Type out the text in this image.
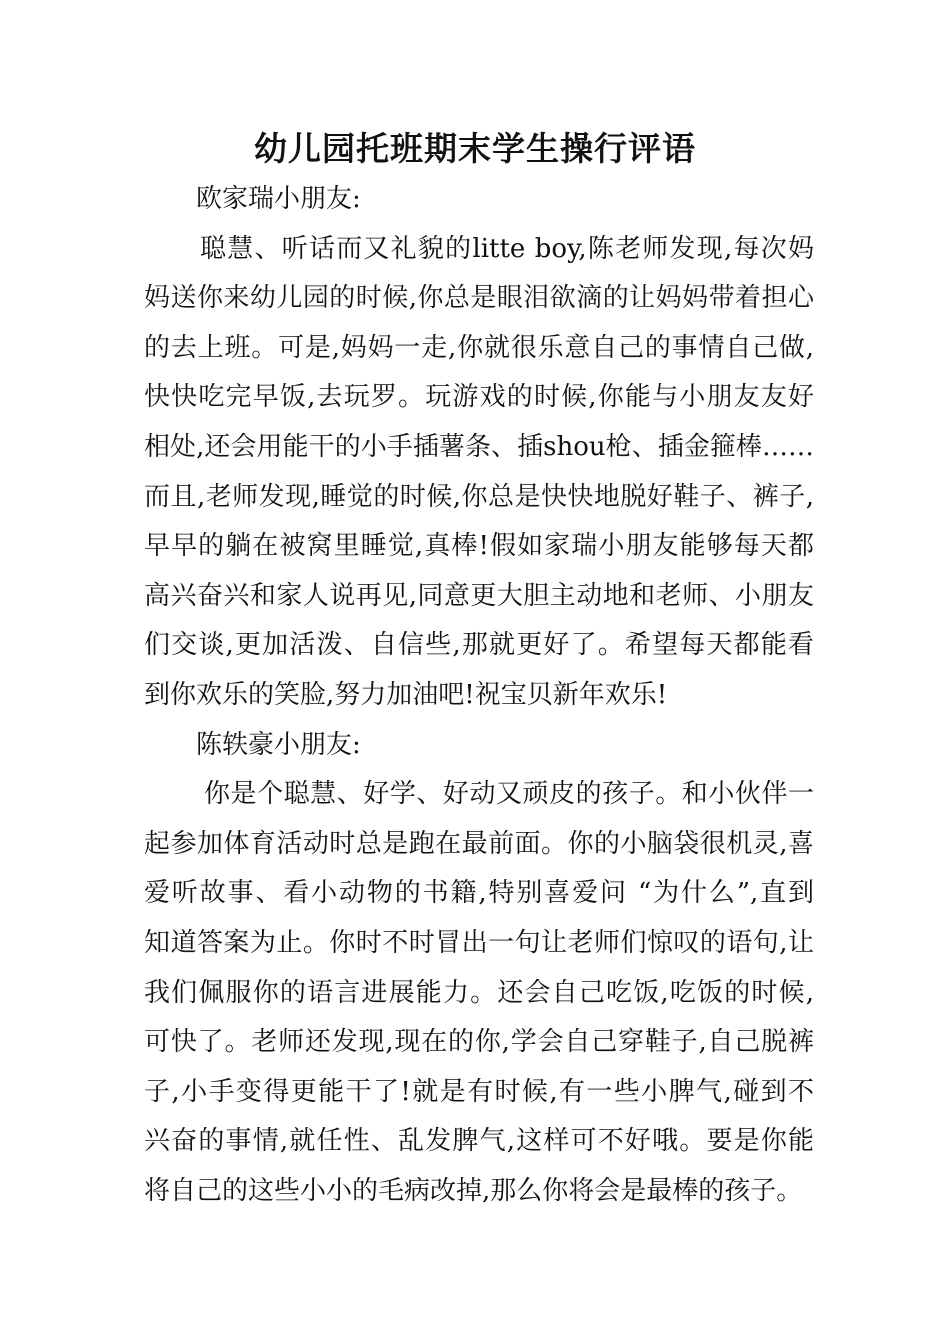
幼儿园托班期末学生操行评语
欧家瑞小朋友:
聪慧、听话而又礼貌的litte boy,陈老师发现,每次妈
妈送你来幼儿园的时候,你总是眼泪欲滴的让妈妈带着担心
的去上班。可是,妈妈一走,你就很乐意自己的事情自己做,
快快吃完早饭,去玩罗。玩游戏的时候,你能与小朋友友好
相处,还会用能干的小手插薯条、插shou枪、插金箍棒……
而且,老师发现,睡觉的时候,你总是快快地脱好鞋子、裤子,
早早的躺在被窝里睡觉,真棒!假如家瑞小朋友能够每天都
高兴奋兴和家人说再见,同意更大胆主动地和老师、小朋友
们交谈,更加活泼、自信些,那就更好了。希望每天都能看
到你欢乐的笑脸,努力加油吧!祝宝贝新年欢乐!
陈轶豪小朋友:
你是个聪慧、好学、好动又顽皮的孩子。和小伙伴一
起参加体育活动时总是跑在最前面。你的小脑袋很机灵,喜
爱听故事、看小动物的书籍,特别喜爱问 “为什么”,直到
知道答案为止。你时不时冒出一句让老师们惊叹的语句,让
我们佩服你的语言进展能力。还会自己吃饭,吃饭的时候,
可快了。老师还发现,现在的你,学会自己穿鞋子,自己脱裤
子,小手变得更能干了!就是有时候,有一些小脾气,碰到不
兴奋的事情,就任性、乱发脾气,这样可不好哦。要是你能
将自己的这些小小的毛病改掉,那么你将会是最棒的孩子。
